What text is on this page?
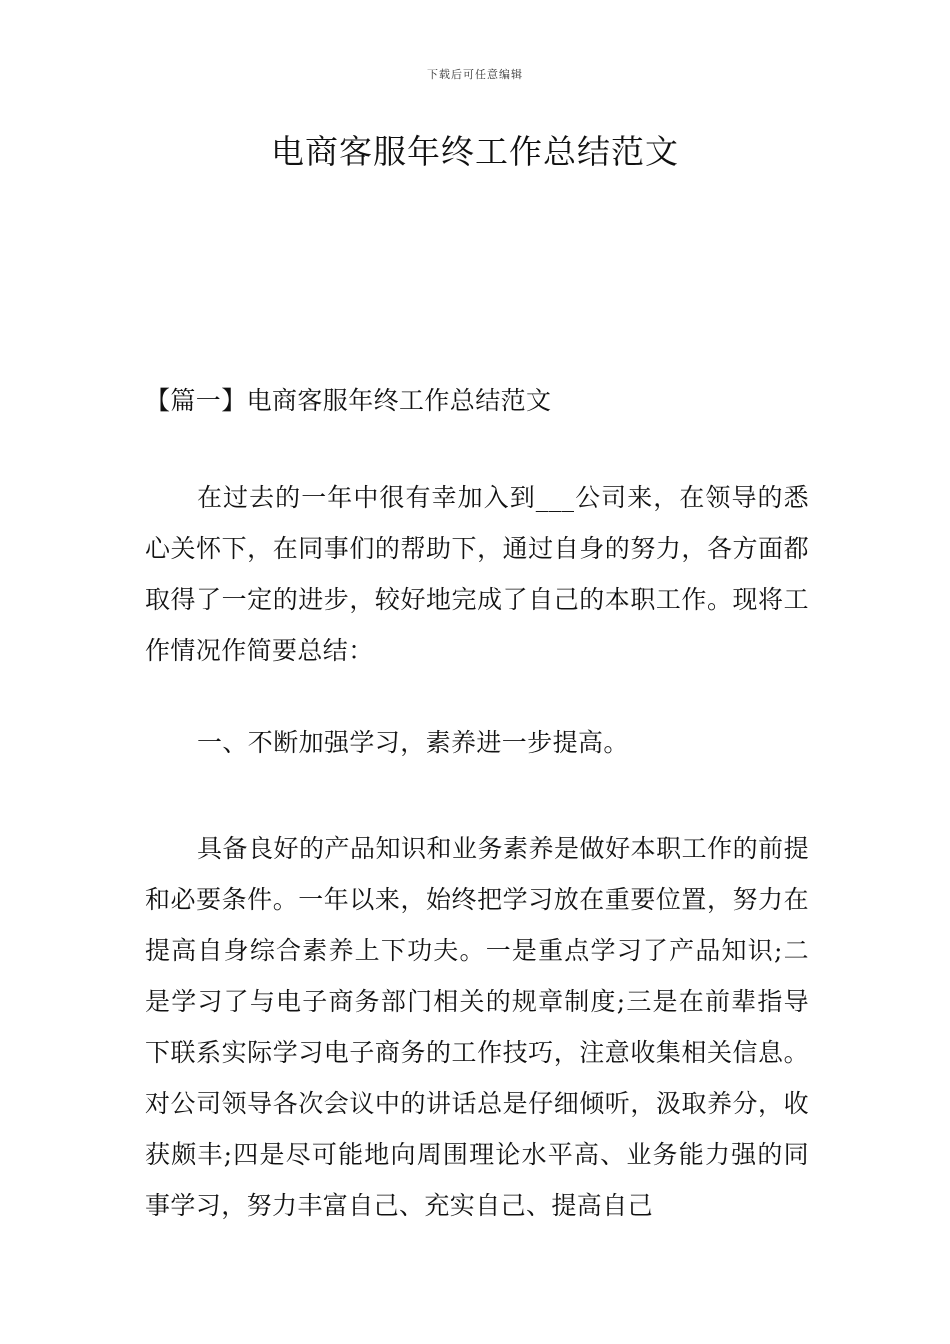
下载后可任意编辑
电商客服年终工作总结范文

【篇一】电商客服年终工作总结范文

在过去的一年中很有幸加入到___公司来，在领导的悉心关怀下，在同事们的帮助下，通过自身的努力，各方面都取得了一定的进步，较好地完成了自己的本职工作。现将工作情况作简要总结：

一、不断加强学习，素养进一步提高。

具备良好的产品知识和业务素养是做好本职工作的前提和必要条件。一年以来，始终把学习放在重要位置，努力在提高自身综合素养上下功夫。一是重点学习了产品知识;二是学习了与电子商务部门相关的规章制度;三是在前辈指导下联系实际学习电子商务的工作技巧，注意收集相关信息。对公司领导各次会议中的讲话总是仔细倾听，汲取养分，收获颇丰;四是尽可能地向周围理论水平高、业务能力强的同事学习，努力丰富自己、充实自己、提高自己
